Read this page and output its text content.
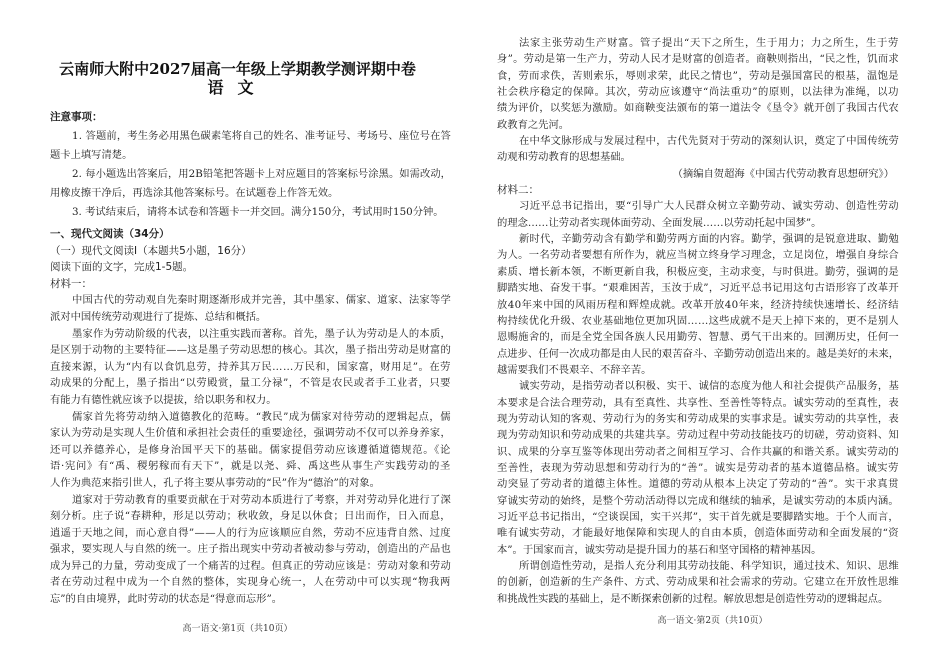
云南师大附中2027届高一年级上学期教学测评期中卷
语文
注意事项：
1. 答题前，考生务必用黑色碳素笔将自己的姓名、准考证号、考场号、座位号在答
题卡上填写清楚。
2. 每小题选出答案后，用2B铅笔把答题卡上对应题目的答案标号涂黑。如需改动，
用橡皮擦干净后，再选涂其他答案标号。在试题卷上作答无效。
3. 考试结束后，请将本试卷和答题卡一并交回。满分150分，考试用时150分钟。
一、现代文阅读（34分）
（一）现代文阅读Ⅰ（本题共5小题，16分）
阅读下面的文字，完成1-5题。
材料一：
中国古代的劳动观自先秦时期逐渐形成并完善，其中墨家、儒家、道家、法家等学
派对中国传统劳动观进行了提炼、总结和概括。
墨家作为劳动阶级的代表，以注重实践而著称。首先，墨子认为劳动是人的本质，
是区别于动物的主要特征——这是墨子劳动思想的核心。其次，墨子指出劳动是财富的
直接来源，认为“内有以食饥息劳，持养其万民……万民和，国家富，财用足”。在劳
动成果的分配上，墨子指出“以劳殿赏，量工分禄”，不管是农民或者手工业者，只要
有能力有德性就应该予以提拔，给以职务和权力。
儒家首先将劳动纳入道德教化的范畴。“教民”成为儒家对待劳动的逻辑起点，儒
家认为劳动是实现人生价值和承担社会责任的重要途径，强调劳动不仅可以养身养家，
还可以养德养心，是修身治国平天下的基础。儒家提倡劳动应该遵循道德规范。《论
语·宪问》有“禹、稷躬稼而有天下”，就是以尧、舜、禹这些从事生产实践劳动的圣
人作为典范来指引世人，孔子将主要从事劳动的“民”作为“德治”的对象。
道家对于劳动教育的重要贡献在于对劳动本质进行了考察，并对劳动异化进行了深
刻分析。庄子说“春耕种，形足以劳动；秋收敛，身足以休食；日出而作，日入而息，
逍遥于天地之间，而心意自得”——人的行为应该顺应自然，劳动不应违背自然、过度
强求，要实现人与自然的统一。庄子指出现实中劳动者被动参与劳动，创造出的产品也
成为异己的力量，劳动变成了一个痛苦的过程。但真正的劳动应该是：劳动对象和劳动
者在劳动过程中成为一个自然的整体，实现身心统一，人在劳动中可以实现“物我两
忘”的自由境界，此时劳动的状态是“得意而忘形”。
高一语文·第1页（共10页）
法家主张劳动生产财富。管子提出“天下之所生，生于用力；力之所生，生于劳
身”。劳动是第一生产力，劳动人民才是财富的创造者。商鞅则指出，“民之性，饥而求
食，劳而求佚，苦则索乐，辱则求荣，此民之情也”，劳动是强国富民的根基，温饱是
社会秩序稳定的保障。其次，劳动应该遵守“尚法重功”的原则，以法律为准绳，以功
绩为评价，以奖惩为激励。如商鞅变法颁布的第一道法令《垦令》就开创了我国古代农
政教育之先河。
在中华文脉形成与发展过程中，古代先贤对于劳动的深刻认识，奠定了中国传统劳
动观和劳动教育的思想基础。
（摘编自贺超海《中国古代劳动教育思想研究》）
材料二：
习近平总书记指出，要“引导广大人民群众树立辛勤劳动、诚实劳动、创造性劳动
的理念……让劳动者实现体面劳动、全面发展……以劳动托起中国梦”。
新时代，辛勤劳动含有勤学和勤劳两方面的内容。勤学，强调的是锐意进取、勤勉
为人。一名劳动者要想有所作为，就应当树立终身学习理念，立足岗位，增强自身综合
素质、增长新本领，不断更新自我，积极应变，主动求变，与时俱进。勤劳，强调的是
脚踏实地、奋发干事。“艰难困苦，玉汝于成”，习近平总书记用这句古语形容了改革开
放40年来中国的风雨历程和辉煌成就。改革开放40年来，经济持续快速增长、经济结
构持续优化升级、农业基础地位更加巩固……这些成就不是天上掉下来的，更不是别人
恩赐施舍的，而是全党全国各族人民用勤劳、智慧、勇气干出来的。回溯历史，任何一
点进步、任何一次成功都是由人民的艰苦奋斗、辛勤劳动创造出来的。越是美好的未来，
越需要我们不畏艰辛、不辞辛苦。
诚实劳动，是指劳动者以积极、实干、诚信的态度为他人和社会提供产品服务，基
本要求是合法合理劳动，具有至真性、共享性、至善性等特点。诚实劳动的至真性，表
现为劳动认知的客观、劳动行为的务实和劳动成果的实事求是。诚实劳动的共享性，表
现为劳动知识和劳动成果的共建共享。劳动过程中劳动技能技巧的切磋，劳动资料、知
识、成果的分享互鉴等体现出劳动者之间相互学习、合作共赢的和谐关系。诚实劳动的
至善性，表现为劳动思想和劳动行为的“善”。诚实是劳动者的基本道德品格。诚实劳
动突显了劳动者的道德主体性。道德的劳动从根本上决定了劳动的“善”。实干求真贯
穿诚实劳动的始终，是整个劳动活动得以完成和继续的轴承，是诚实劳动的本质内涵。
习近平总书记指出，“空谈误国，实干兴邦”，实干首先就是要脚踏实地。于个人而言，
唯有诚实劳动，才能最好地保障和实现人的自由本质，创造体面劳动和全面发展的“资
本”。于国家而言，诚实劳动是提升国力的基石和坚守国格的精神基因。
所谓创造性劳动，是指人充分利用其劳动技能、科学知识，通过技术、知识、思维
的创新，创造新的生产条件、方式、劳动成果和社会需求的劳动。它建立在开放性思维
和挑战性实践的基础上，是不断探索创新的过程。解放思想是创造性劳动的逻辑起点。
高一语文·第2页（共10页）
